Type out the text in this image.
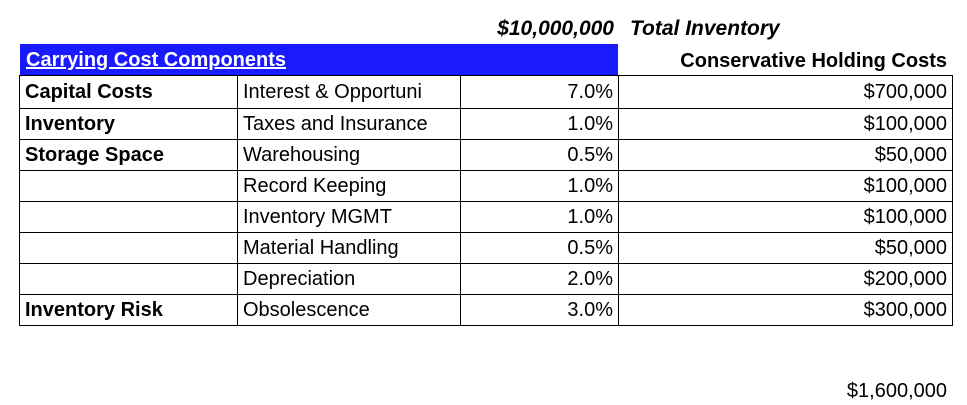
$10,000,000 Total Inventory
Carrying Cost Components	Conservative Holding Costs
Capital Costs	Interest & Opportuni	7.0%	$700,000
Inventory	Taxes and Insurance	1.0%	$100,000
Storage Space	Warehousing	0.5%	$50,000
	Record Keeping	1.0%	$100,000
	Inventory MGMT	1.0%	$100,000
	Material Handling	0.5%	$50,000
	Depreciation	2.0%	$200,000
Inventory Risk	Obsolescence	3.0%	$300,000
$1,600,000
